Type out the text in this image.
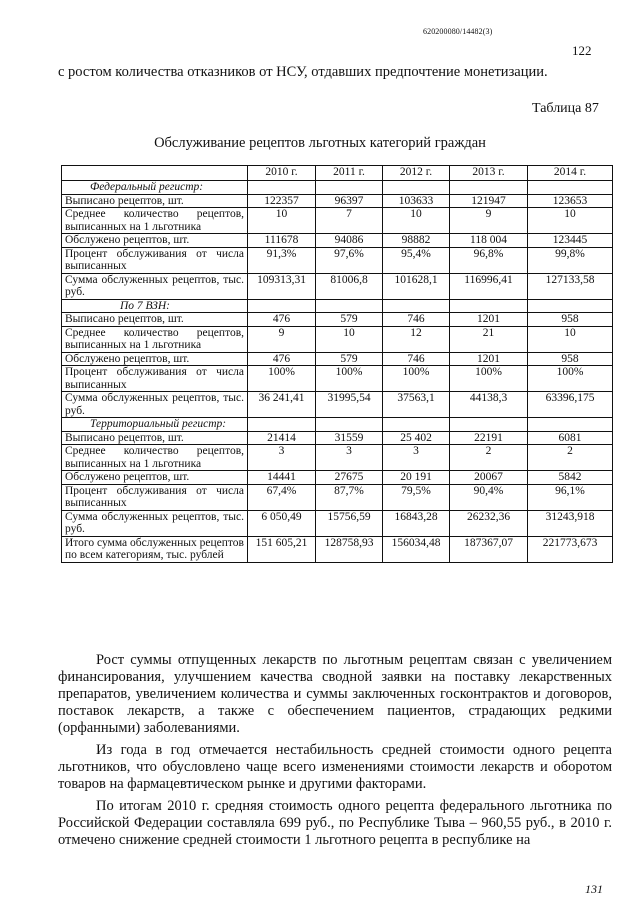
620200080/14482(3)
122
с ростом количества отказников от НСУ, отдавших предпочтение монетизации.
Таблица 87
Обслуживание рецептов льготных категорий граждан
	2010 г.	2011 г.	2012 г.	2013 г.	2014 г.
Федеральный регистр:					
Выписано рецептов, шт.	122357	96397	103633	121947	123653
Среднее количество рецептов, выписанных на 1 льготника	10	7	10	9	10
Обслужено рецептов, шт.	111678	94086	98882	118 004	123445
Процент обслуживания от числа выписанных	91,3%	97,6%	95,4%	96,8%	99,8%
Сумма обслуженных рецептов, тыс. руб.	109313,31	81006,8	101628,1	116996,41	127133,58
По 7 ВЗН:					
Выписано рецептов, шт.	476	579	746	1201	958
Среднее количество рецептов, выписанных на 1 льготника	9	10	12	21	10
Обслужено рецептов, шт.	476	579	746	1201	958
Процент обслуживания от числа выписанных	100%	100%	100%	100%	100%
Сумма обслуженных рецептов, тыс. руб.	36 241,41	31995,54	37563,1	44138,3	63396,175
Территориальный регистр:					
Выписано рецептов, шт.	21414	31559	25 402	22191	6081
Среднее количество рецептов, выписанных на 1 льготника	3	3	3	2	2
Обслужено рецептов, шт.	14441	27675	20 191	20067	5842
Процент обслуживания от числа выписанных	67,4%	87,7%	79,5%	90,4%	96,1%
Сумма обслуженных рецептов, тыс. руб.	6 050,49	15756,59	16843,28	26232,36	31243,918
Итого сумма обслуженных рецептов по всем категориям, тыс. рублей	151 605,21	128758,93	156034,48	187367,07	221773,673

Рост суммы отпущенных лекарств по льготным рецептам связан с увеличением финансирования, улучшением качества сводной заявки на поставку лекарственных препаратов, увеличением количества и суммы заключенных госконтрактов и договоров, поставок лекарств, а также с обеспечением пациентов, страдающих редкими (орфанными) заболеваниями.

Из года в год отмечается нестабильность средней стоимости одного рецепта льготников, что обусловлено чаще всего изменениями стоимости лекарств и оборотом товаров на фармацевтическом рынке и другими факторами.

По итогам 2010 г. средняя стоимость одного рецепта федерального льготника по Российской Федерации составляла 699 руб., по Республике Тыва – 960,55 руб., в 2010 г. отмечено снижение средней стоимости 1 льготного рецепта в республике на

131
